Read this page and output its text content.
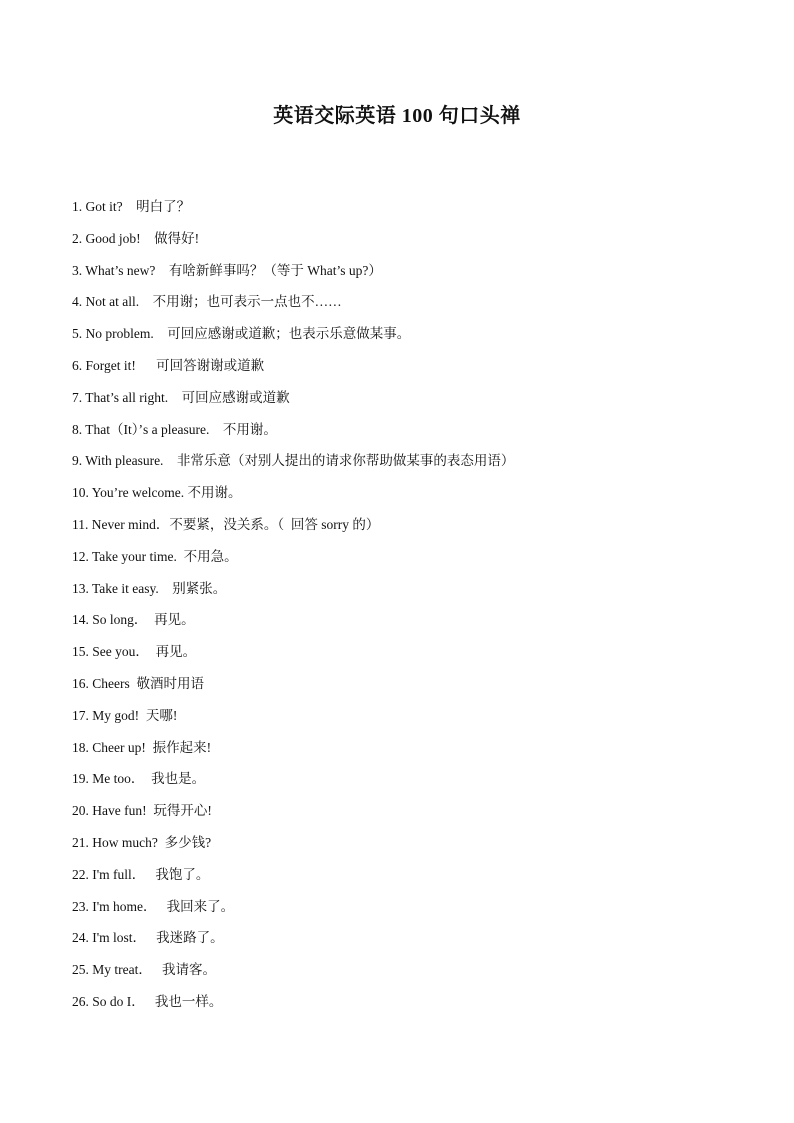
英语交际英语 100 句口头禅
1. Got it?    明白了？
2. Good job!    做得好!
3. What’s new?    有啥新鲜事吗？（等于 What’s up?）
4. Not at all.    不用谢；也可表示一点也不……
5. No problem.    可回应感谢或道歉；也表示乐意做某事。
6. Forget it!      可回答谢谢或道歉
7. That’s all right.    可回应感谢或道歉
8. That（It）’s a pleasure.    不用谢。
9. With pleasure.    非常乐意（对别人提出的请求你帮助做某事的表态用语）
10. You’re welcome. 不用谢。
11. Never mind．不要紧，没关系。（  回答 sorry 的）
12. Take your time.  不用急。
13. Take it easy.    别紧张。
14. So long．  再见。
15. See you．  再见。
16. Cheers  敬酒时用语
17. My god!  天哪!
18. Cheer up!  振作起来!
19. Me too．  我也是。
20. Have fun!  玩得开心!
21. How much?  多少钱?
22. I'm full．   我饱了。
23. I'm home．   我回来了。
24. I'm lost．   我迷路了。
25. My treat．   我请客。
26. So do I．   我也一样。
